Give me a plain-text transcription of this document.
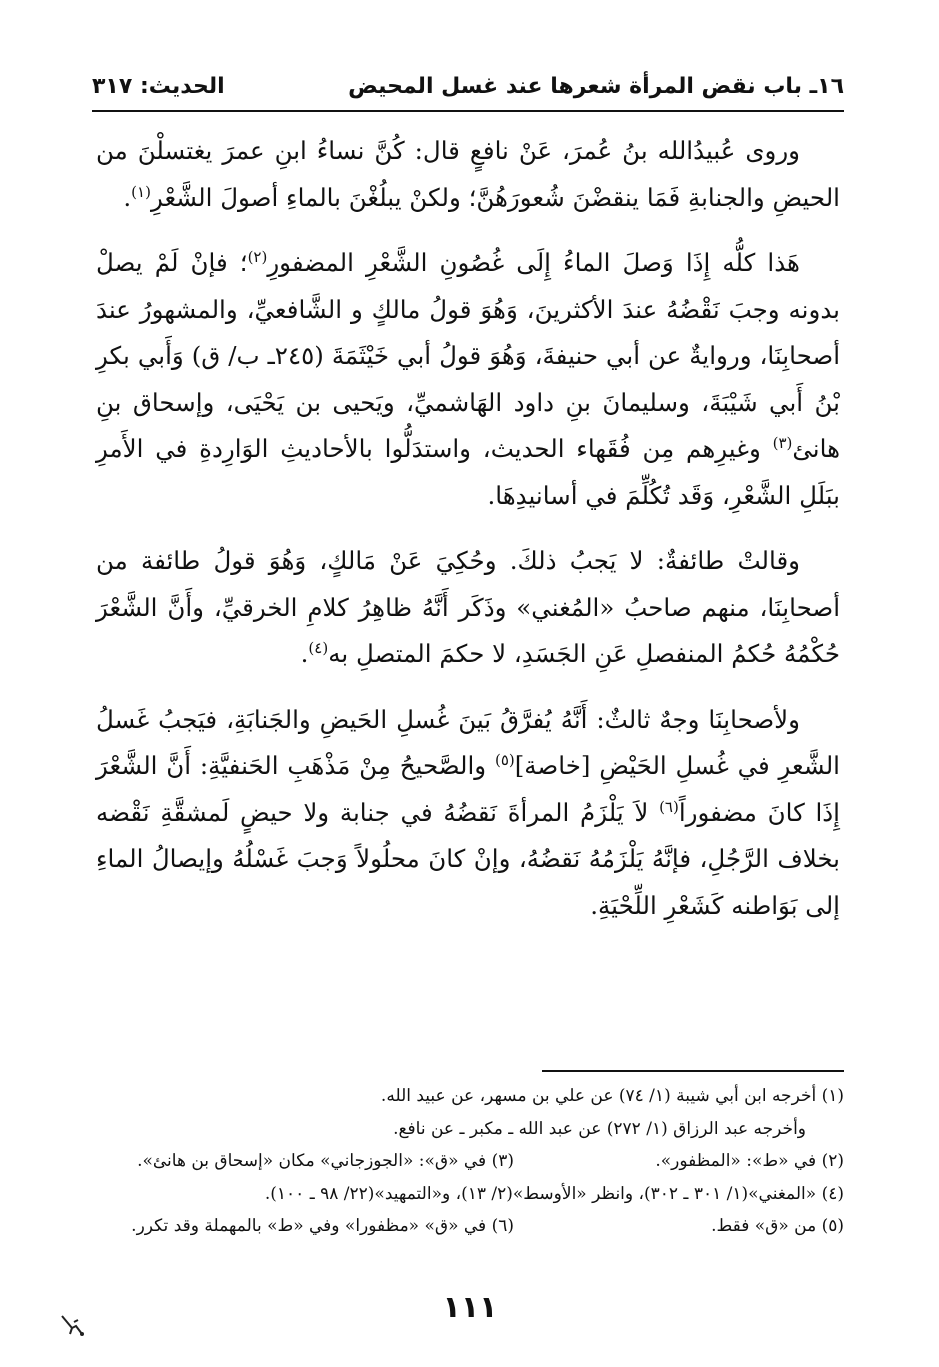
١٦ـ باب نقض المرأة شعرها عند غسل المحيض
الحديث: ٣١٧

وروى عُبيدُالله بنُ عُمرَ، عَنْ نافعٍ قال: كُنَّ نساءُ ابنِ عمرَ يغتسلْنَ من الحيضِ والجنابةِ فَمَا ينقضْنَ شُعورَهُنَّ؛ ولكنْ يبلُغْنَ بالماءِ أصولَ الشَّعْرِ$^{(١)}$.

هَذا كلُّه إِذَا وَصلَ الماءُ إِلَى غُصُونِ الشَّعْرِ المضفورِ$^{(٢)}$؛ فإنْ لَمْ يصلْ بدونه وجبَ نَقْضُهُ عندَ الأكثرينَ، وَهُوَ قولُ مالكٍ و الشَّافعيِّ، والمشهورُ عندَ أصحابِنَا، وروايةٌ عن أبي حنيفةَ، وَهُوَ قولُ أبي خَيْثَمَةَ (٢٤٥ـ ب/ ق) وَأَبي بكرِ بْنُ أَبي شَيْبَةَ، وسليمانَ بنِ داود الهَاشميِّ، ويَحيى بن يَحْيَى، وإسحاق بنِ هانئ$^{(٣)}$ وغيرِهم مِن فُقَهاء الحديث، واستدَلُّوا بالأحاديثِ الوَارِدةِ في الأَمرِ ببَلَلِ الشَّعْرِ، وَقَد تُكُلِّمَ في أسانيدِهَا.

وقالتْ طائفةٌ: لا يَجبُ ذلكَ. وحُكِيَ عَنْ مَالكٍ، وَهُوَ قولُ طائفة من أصحابِنَا، منهم صاحبُ «المُغني» وذَكَر أَنَّهُ ظاهِرُ كلامِ الخرقيِّ، وأَنَّ الشَّعْرَ حُكْمُهُ حُكمُ المنفصلِ عَنِ الجَسَدِ، لا حكمَ المتصلِ به$^{(٤)}$.

ولأصحابِنَا وجهٌ ثالثٌ: أَنَّهُ يُفرَّقُ بَينَ غُسلِ الحَيضِ والجَنابَةِ، فيَجبُ غَسلُ الشَّعرِ في غُسلِ الحَيْضِ [خاصة]$^{(٥)}$ والصَّحيحُ مِنْ مَذْهَبِ الحَنفيَّةِ: أَنَّ الشَّعْرَ إِذَا كانَ مضفوراً$^{(٦)}$ لاَ يَلْزَمُ المرأةَ نَقضُهُ في جنابة ولا حيضٍ لَمشقَّةِ نَقْضه بخلاف الرَّجُلِ، فإنَّهُ يَلْزَمُهُ نَقضُهُ، وإنْ كانَ محلُولاً وَجبَ غَسْلُهُ وإيصالُ الماءِ إلى بَوَاطنه كَشَعْرِ اللِّحْيَةِ.

(١) أخرجه ابن أبي شيبة (١/ ٧٤) عن علي بن مسهر، عن عبيد الله.
وأخرجه عبد الرزاق (١/ ٢٧٢) عن عبد الله ـ مكبر ـ عن نافع.
(٢) في «ط»: «المظفور».
(٣) في «ق»: «الجوزجاني» مكان «إسحاق بن هانئ».
(٤) «المغني»(١/ ٣٠١ ـ ٣٠٢)، وانظر «الأوسط»(٢/ ١٣)، و«التمهيد»(٢٢/ ٩٨ ـ ١٠٠).
(٥) من «ق» فقط.
(٦) في «ق» «مظفورا» وفي «ط» بالمهملة وقد تكرر.
١١١
